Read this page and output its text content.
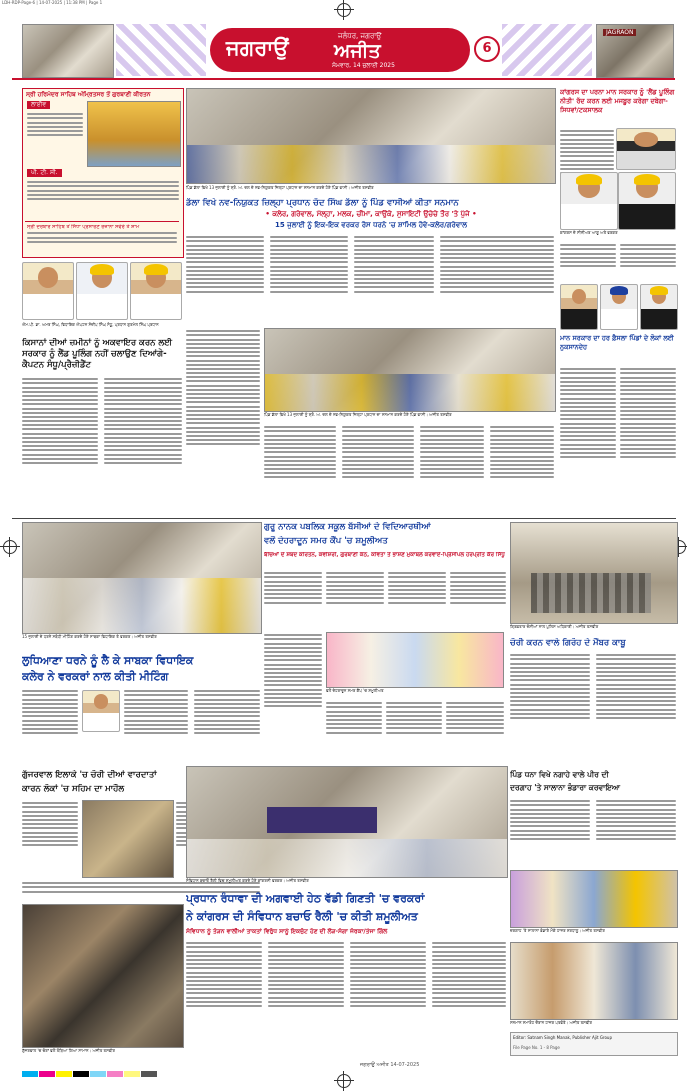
LDH-RDP-Page-6 | 14-07-2025 | 11:38 PM | Page 1
ਜਗਰਾਉਂ	ਜਲੰਧਰ, ਜਗਰਾਉਂ
ਅਜੀਤ
ਸੋਮਵਾਰ, 14 ਜੁਲਾਈ 2025
6
JAGRAON
ਸ੍ਰੀ ਹਰਿਮੰਦਰ ਸਾਹਿਬ ਅੰਮ੍ਰਿਤਸਰ ਤੋਂ ਗੁਰਬਾਣੀ ਕੀਰਤਨ
ਲਾਈਵ
ਪੀ. ਟੀ. ਸੀ.
ਸ੍ਰੀ ਦਰਬਾਰ ਸਾਹਿਬ ਤੋਂ ਸਿੱਧਾ ਪ੍ਰਸਾਰਣ ਰੋਜ਼ਾਨਾ ਸਵੇਰੇ ਤੇ ਸ਼ਾਮ
ਐਮ.ਪੀ. ਡਾ. ਅਮਰ ਸਿੰਘ, ਵਿਧਾਇਕ ਐਪਟਨ ਸੰਦੀਪ ਸਿੰਘ ਸੰਧੂ, ਪ੍ਰਧਾਨ ਗੁਰਮੇਲ ਸਿੰਘ ਪ੍ਰਧਾਨ
ਕਿਸਾਨਾਂ ਦੀਆਂ ਜ਼ਮੀਨਾਂ ਨੂੰ ਅਕਵਾਇਰ ਕਰਨ ਲਈ ਸਰਕਾਰ ਨੂੰ ਲੈਂਡ ਪੂਲਿੰਗ ਨਹੀਂ ਚਲਾਉਣ ਦਿਆਂਗੇ-ਕੈਪਟਨ ਸੰਧੂ/ਪ੍ਰੈਜ਼ੀਡੈਂਟ
ਪਿੰਡ ਡੱਲਾ ਵਿਖੇ 13 ਜੁਲਾਈ ਨੂੰ ਸ਼੍ਰੋ. ਅ. ਦਲ ਦੇ ਨਵ-ਨਿਯੁਕਤ ਜ਼ਿਲ੍ਹਾ ਪ੍ਰਧਾਨ ਦਾ ਸਨਮਾਨ ਕਰਦੇ ਹੋਏ ਪਿੰਡ ਵਾਸੀ। ਅਜੀਤ ਤਸਵੀਰ
ਡੱਲਾ ਵਿਖੇ ਨਵ-ਨਿਯੁਕਤ ਜ਼ਿਲ੍ਹਾ ਪ੍ਰਧਾਨ ਚੰਦ ਸਿੰਘ ਡੱਲਾ ਨੂੰ ਪਿੰਡ ਵਾਸੀਆਂ ਕੀਤਾ ਸਨਮਾਨ
• ਕਲੇਰ, ਗਰੇਵਾਲ, ਮੱਲ੍ਹਾ, ਮਲਕ, ਚੀਮਾ, ਕਾਉਂਕੇ, ਸੁਸਾਇਟੀ ਉਚੇਚੇ ਤੌਰ 'ਤੇ ਪੁੱਜੇ •
15 ਜੁਲਾਈ ਨੂੰ ਇਕ-ਇਕ ਵਰਕਰ ਰੋਸ ਧਰਨੇ 'ਚ ਸ਼ਾਮਿਲ ਹੋਵੇ-ਕਲੇਰ/ਗਰੇਵਾਲ
ਪਿੰਡ ਡੱਲਾ ਵਿਖੇ 13 ਜੁਲਾਈ ਨੂੰ ਸ਼੍ਰੋ. ਅ. ਦਲ ਦੇ ਨਵ-ਨਿਯੁਕਤ ਜ਼ਿਲ੍ਹਾ ਪ੍ਰਧਾਨ ਦਾ ਸਨਮਾਨ ਕਰਦੇ ਹੋਏ ਪਿੰਡ ਵਾਸੀ। ਅਜੀਤ ਤਸਵੀਰ
ਕਾਂਗਰਸ ਦਾ ਪਰਨਾ ਮਾਨ ਸਰਕਾਰ ਨੂੰ 'ਲੈਂਡ ਪੂਲਿੰਗ ਨੀਤੀ' ਰੱਦ ਕਰਨ ਲਈ ਮਜਬੂਰ ਕਰੇਗਾ ਦਬੇਗਾ-ਸਿਧਵਾਂ/ਟਕਸਾਲਕ
ਕਾਂਗਰਸ ਦੇ ਸੀਨੀਅਰ ਆਗੂ ਅਤੇ ਵਰਕਰ
ਮਾਨ ਸਰਕਾਰ ਦਾ ਹਰ ਫ਼ੈਸਲਾ ਪਿੰਡਾਂ ਦੇ ਲੋਕਾਂ ਲਈ ਨੁਕਸਾਨਦੇਹ
15 ਜੁਲਾਈ ਦੇ ਧਰਨੇ ਸਬੰਧੀ ਮੀਟਿੰਗ ਕਰਦੇ ਹੋਏ ਸਾਬਕਾ ਵਿਧਾਇਕ ਤੇ ਵਰਕਰ। ਅਜੀਤ ਤਸਵੀਰ
ਲੁਧਿਆਣਾ ਧਰਨੇ ਨੂੰ ਲੈ ਕੇ ਸਾਬਕਾ ਵਿਧਾਇਕ
ਕਲੇਰ ਨੇ ਵਰਕਰਾਂ ਨਾਲ ਕੀਤੀ ਮੀਟਿੰਗ
ਗੁਰੂ ਨਾਨਕ ਪਬਲਿਕ ਸਕੂਲ ਬੱਸੀਆਂ ਦੇ ਵਿਦਿਆਰਥੀਆਂ
ਵਲੋਂ ਦੇਹਰਾਦੂਨ ਸਮਰ ਕੈਂਪ 'ਚ ਸ਼ਮੂਲੀਅਤ
ਬੱਚਿਆਂ ਦੇ ਸ਼ਬਦ ਕੀਰਤਨ, ਕਵੀਸ਼ਰੀ, ਗੁਰਬਾਣੀ ਕੰਠ, ਕਵਿਤਾ ਤੇ ਭਾਸ਼ਣ ਮੁਕਾਬਲੇ ਕਰਵਾਏ-ਪ੍ਰਿੰਸੀਪਲ ਹਰਪ੍ਰੀਤ ਕੌਰ ਸਿੱਧੂ
ਵਲੋਂ ਦੇਹਰਾਦੂਨ ਸਮਰ ਕੈਂਪ 'ਚ ਸ਼ਮੂਲੀਅਤ
ਗ੍ਰਿਫ਼ਤਾਰ ਦੋਸ਼ੀਆਂ ਨਾਲ ਪੁਲਿਸ ਅਧਿਕਾਰੀ। ਅਜੀਤ ਤਸਵੀਰ
ਚੋਰੀ ਕਰਨ ਵਾਲੇ ਗਿਰੋਹ ਦੇ ਮੈਂਬਰ ਕਾਬੂ
ਗੁੱਜਰਵਾਲ ਇਲਾਕੇ 'ਚ ਚੋਰੀ ਦੀਆਂ ਵਾਰਦਾਤਾਂ
ਕਾਰਨ ਲੋਕਾਂ 'ਚ ਸਹਿਮ ਦਾ ਮਾਹੌਲ
ਪਿੰਡ ਧਨਾ ਵਿਖੇ ਨਗਾਹੇ ਵਾਲੇ ਪੀਰ ਦੀ
ਦਰਗਾਹ 'ਤੇ ਸਾਲਾਨਾ ਭੰਡਾਰਾ ਕਰਵਾਇਆ
ਦਰਗਾਹ 'ਤੇ ਸਾਲਾਨਾ ਭੰਡਾਰੇ ਮੌਕੇ ਹਾਜ਼ਰ ਸ਼ਰਧਾਲੂ। ਅਜੀਤ ਤਸਵੀਰ
ਸੰਵਿਧਾਨ ਬਚਾਓ ਰੈਲੀ ਵਿਚ ਸ਼ਮੂਲੀਅਤ ਕਰਦੇ ਹੋਏ ਕਾਂਗਰਸੀ ਵਰਕਰ। ਅਜੀਤ ਤਸਵੀਰ
ਪ੍ਰਧਾਨ ਰੰਧਾਵਾ ਦੀ ਅਗਵਾਈ ਹੇਠ ਵੱਡੀ ਗਿਣਤੀ 'ਚ ਵਰਕਰਾਂ
ਨੇ ਕਾਂਗਰਸ ਦੀ ਸੰਵਿਧਾਨ ਬਚਾਓ ਰੈਲੀ 'ਚ ਕੀਤੀ ਸ਼ਮੂਲੀਅਤ
ਸੰਵਿਧਾਨ ਨੂੰ ਤੋੜਨ ਵਾਲੀਆਂ ਤਾਕਤਾਂ ਵਿਰੁੱਧ ਸਾਨੂੰ ਇਕਜੁੱਟ ਹੋਣ ਦੀ ਲੋੜ-ਸੰਗਾ ਜੋਰਕਾ/ਤੇਜਾ ਗਿੱਲ
ਗੁੱਜਰਵਾਲ 'ਚ ਚੋਰਾਂ ਵਲੋਂ ਤੋੜਿਆ ਗਿਆ ਸਾਮਾਨ। ਅਜੀਤ ਤਸਵੀਰ
ਸਨਮਾਨ ਸਮਾਰੋਹ ਦੌਰਾਨ ਹਾਜ਼ਰ ਪਤਵੰਤੇ। ਅਜੀਤ ਤਸਵੀਰ
Editor: Satnam Singh Manak, Publisher Ajit Group
File Page No. 1 - 8 Page
ਜਗਰਾਉਂ ਅਜੀਤ 14-07-2025
